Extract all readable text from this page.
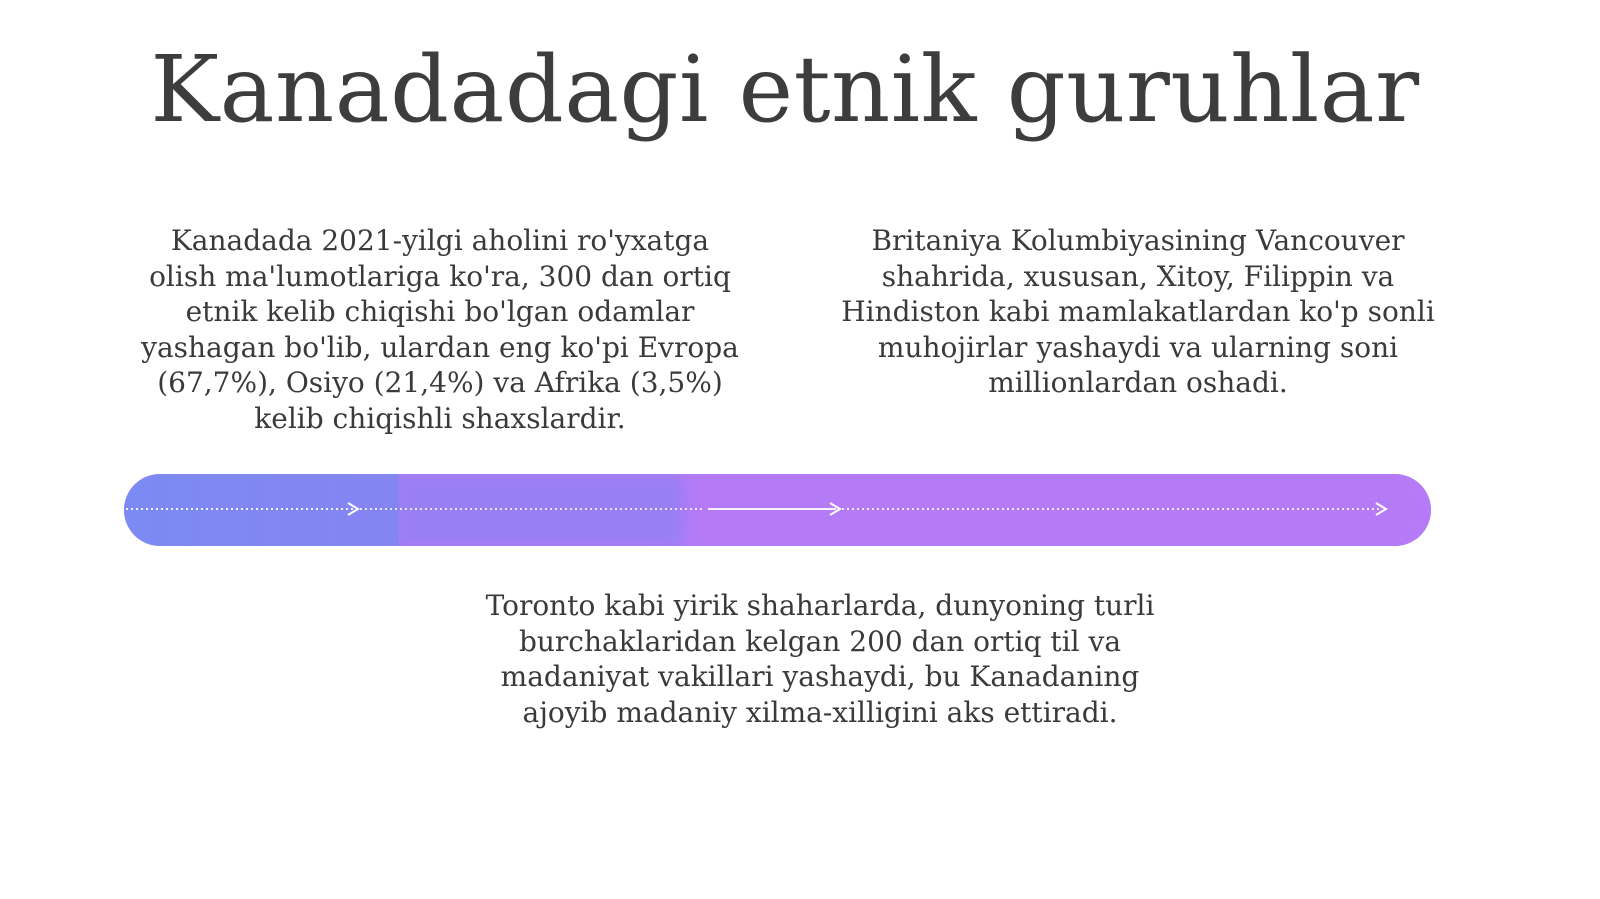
Kanadadagi etnik guruhlar
Kanadada 2021-yilgi aholini ro'yxatga olish ma'lumotlariga ko'ra, 300 dan ortiq etnik kelib chiqishi bo'lgan odamlar yashagan bo'lib, ulardan eng ko'pi Evropa (67,7%), Osiyo (21,4%) va Afrika (3,5%) kelib chiqishli shaxslardir.
Britaniya Kolumbiyasining Vancouver shahrida, xususan, Xitoy, Filippin va Hindiston kabi mamlakatlardan ko'p sonli muhojirlar yashaydi va ularning soni millionlardan oshadi.
Toronto kabi yirik shaharlarda, dunyoning turli burchaklaridan kelgan 200 dan ortiq til va madaniyat vakillari yashaydi, bu Kanadaning ajoyib madaniy xilma-xilligini aks ettiradi.
